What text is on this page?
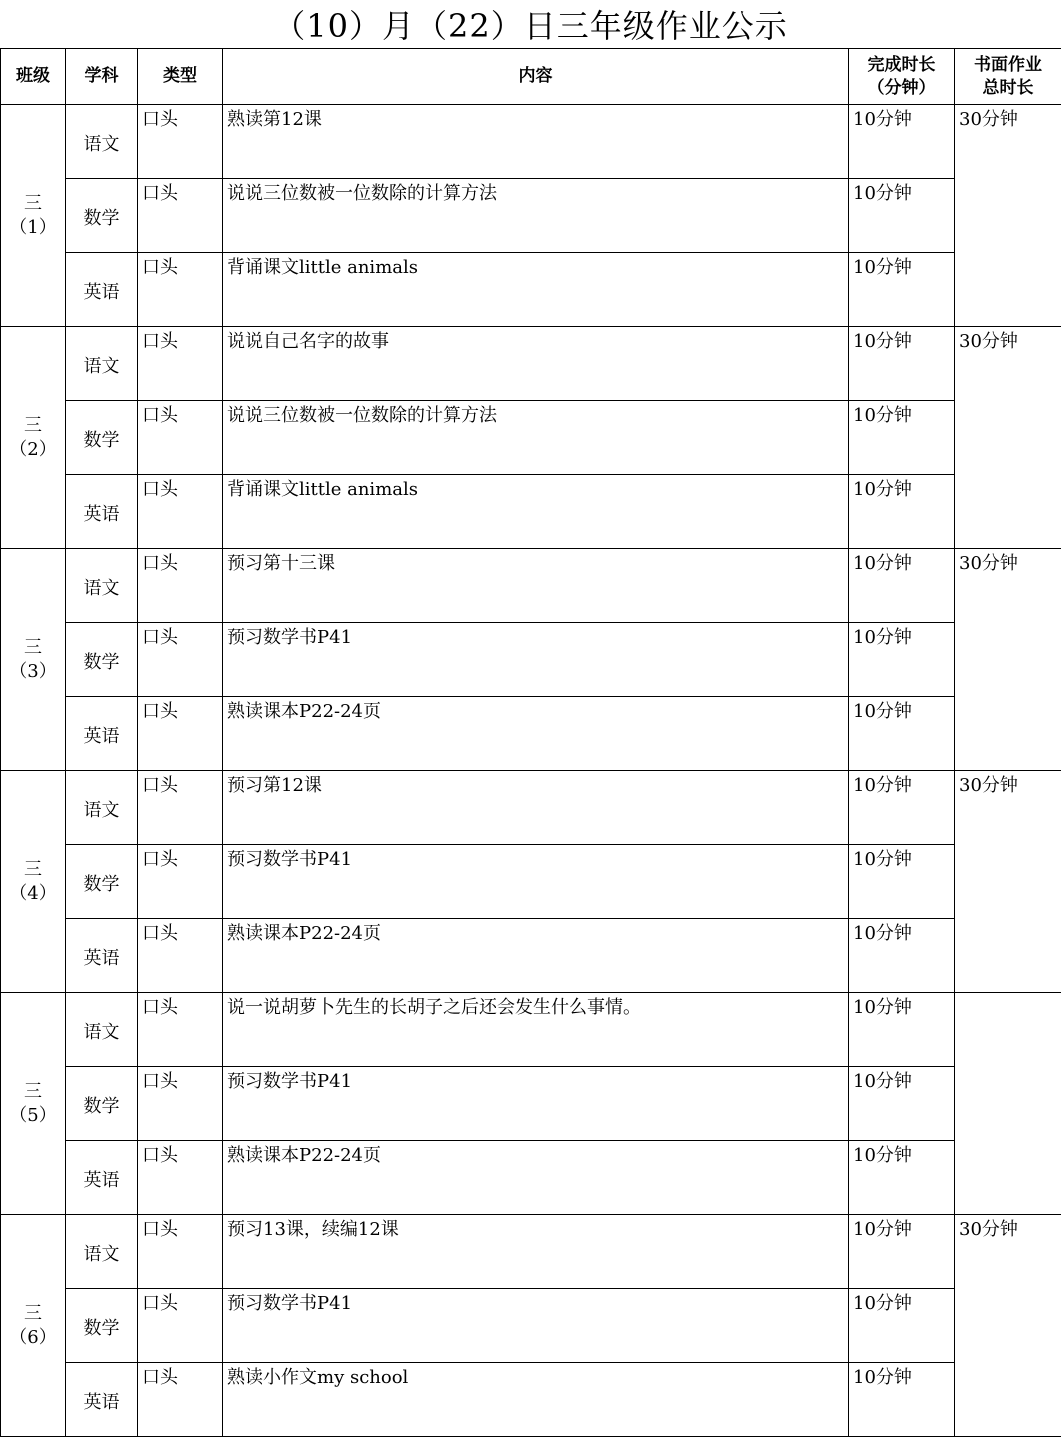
（10）月（22）日三年级作业公示
班级	学科	类型	内容	完成时长
（分钟）	书面作业
总时长

三
（1）	语文	口头	熟读第12课	10分钟	30分钟
	数学	口头	说说三位数被一位数除的计算方法	10分钟	
	英语	口头	背诵课文little animals	10分钟	

三
（2）	语文	口头	说说自己名字的故事	10分钟	30分钟
	数学	口头	说说三位数被一位数除的计算方法	10分钟	
	英语	口头	背诵课文little animals	10分钟	

三
（3）	语文	口头	预习第十三课	10分钟	30分钟
	数学	口头	预习数学书P41	10分钟	
	英语	口头	熟读课本P22-24页	10分钟	

三
（4）	语文	口头	预习第12课	10分钟	30分钟
	数学	口头	预习数学书P41	10分钟	
	英语	口头	熟读课本P22-24页	10分钟	

三
（5）	语文	口头	说一说胡萝卜先生的长胡子之后还会发生什么事情。	10分钟	
	数学	口头	预习数学书P41	10分钟	
	英语	口头	熟读课本P22-24页	10分钟	

三
（6）	语文	口头	预习13课，续编12课	10分钟	30分钟
	数学	口头	预习数学书P41	10分钟	
	英语	口头	熟读小作文my school	10分钟	
